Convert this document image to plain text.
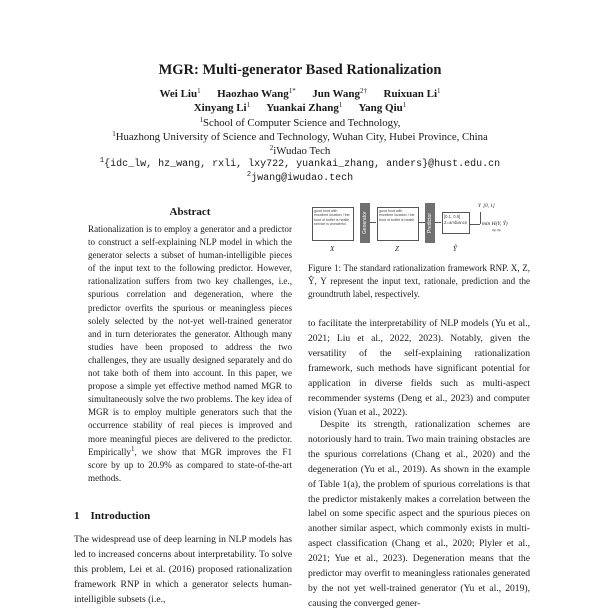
MGR: Multi-generator Based Rationalization
Wei Liu$^1$ Haozhao Wang$^{1*}$ Jun Wang$^{2\dagger}$ Ruixuan Li$^1$
Xinyang Li$^1$ Yuankai Zhang$^1$ Yang Qiu$^1$
$^1$School of Computer Science and Technology,
$^1$Huazhong University of Science and Technology, Wuhan City, Hubei Province, China
$^2$iWudao Tech
$^1${idc_lw, hz_wang, rxli, lxy722, yuankai_zhang, anders}@hust.edu.cn
$^2$jwang@iwudao.tech
Abstract

Rationalization is to employ a generator and a predictor to construct a self-explaining NLP model in which the generator selects a subset of human-intelligible pieces of the input text to the following predictor. However, rationalization suffers from two key challenges, i.e., spurious correlation and degeneration, where the predictor overfits the spurious or meaningless pieces solely selected by the not-yet well-trained generator and in turn deteriorates the generator. Although many studies have been proposed to address the two challenges, they are usually designed separately and do not take both of them into account. In this paper, we propose a simple yet effective method named MGR to simultaneously solve the two problems. The key idea of MGR is to employ multiple generators such that the occurrence stability of real pieces is improved and more meaningful pieces are delivered to the predictor. Empirically$^1$, we show that MGR improves the F1 score by up to 20.9% as compared to state-of-the-art methods.

1 Introduction

The widespread use of deep learning in NLP models has led to increased concerns about interpretability. To solve this problem, Lei et al. (2016) proposed rationalization framework RNP in which a generator selects human-intelligible subsets (i.e.,

good food with excellent location ! the food of buffet is health , service is wonderful .	Generator
good food with excellent location ! the food of buffet is health	Predictor	[0.1, 0.9]
Z=ambiance
Y [0, 1]
min H(Y, Ŷ)
θg, θp
X	Z	Ŷ
Figure 1: The standard rationalization framework RNP. X, Z, Ŷ, Y represent the input text, rationale, prediction and the groundtruth label, respectively.

to facilitate the interpretability of NLP models (Yu et al., 2021; Liu et al., 2022, 2023). Notably, given the versatility of the self-explaining rationalization framework, such methods have significant potential for application in diverse fields such as multi-aspect recommender systems (Deng et al., 2023) and computer vision (Yuan et al., 2022).

Despite its strength, rationalization schemes are notoriously hard to train. Two main training obstacles are the spurious correlations (Chang et al., 2020) and the degeneration (Yu et al., 2019). As shown in the example of Table 1(a), the problem of spurious correlations is that the predictor mistakenly makes a correlation between the label on some specific aspect and the spurious pieces on another similar aspect, which commonly exists in multi-aspect classification (Chang et al., 2020; Plyler et al., 2021; Yue et al., 2023). Degeneration means that the predictor may overfit to meaningless rationales generated by the not yet well-trained generator (Yu et al., 2019), causing the converged gener-
